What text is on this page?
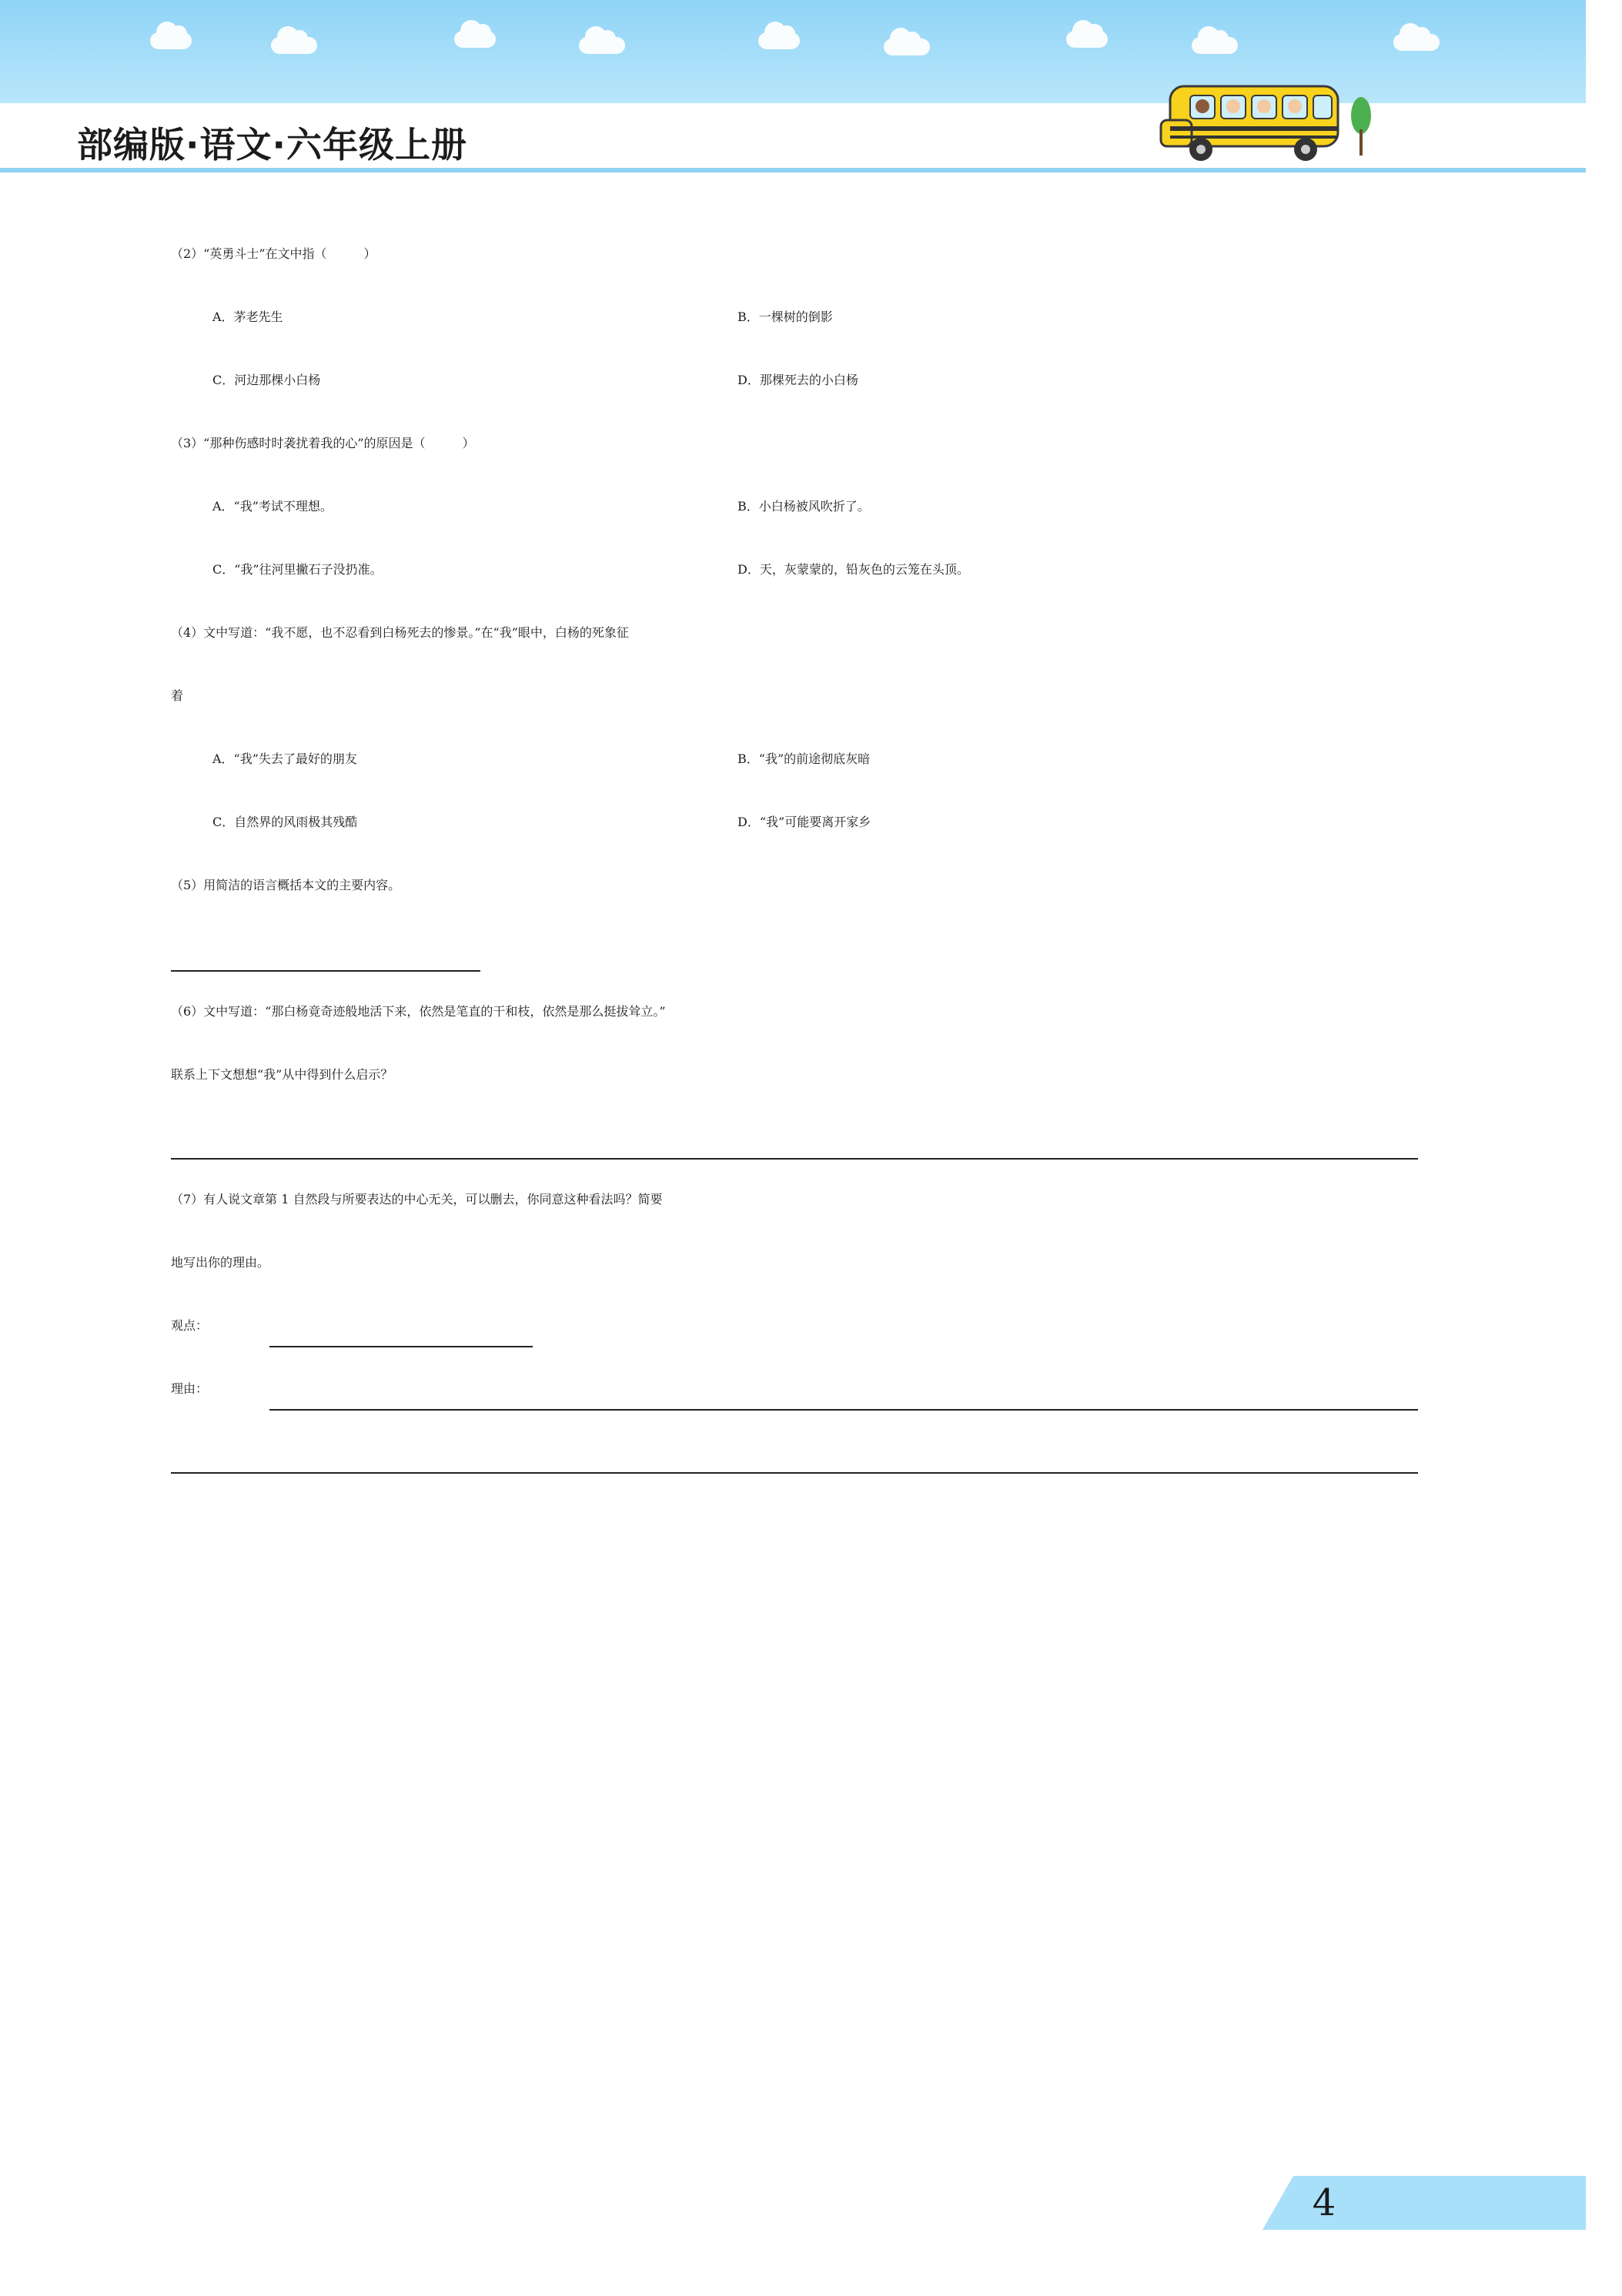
部编版·语文·六年级上册
（2）“英勇斗士”在文中指（　　　）
A．茅老先生	B．一棵树的倒影
C．河边那棵小白杨	D．那棵死去的小白杨
（3）“那种伤感时时袭扰着我的心”的原因是（　　　）
A．“我”考试不理想。	B．小白杨被风吹折了。
C．“我”往河里撇石子没扔准。	D．天，灰蒙蒙的，铅灰色的云笼在头顶。
（4）文中写道：“我不愿，也不忍看到白杨死去的惨景。”在“我”眼中，白杨的死象征
着
A．“我”失去了最好的朋友	B．“我”的前途彻底灰暗
C．自然界的风雨极其残酷	D．“我”可能要离开家乡
（5）用简洁的语言概括本文的主要内容。
（6）文中写道：“那白杨竟奇迹般地活下来，依然是笔直的干和枝，依然是那么挺拔耸立。”
联系上下文想想“我”从中得到什么启示？
（7）有人说文章第 1 自然段与所要表达的中心无关，可以删去，你同意这种看法吗？简要
地写出你的理由。
观点：
理由：
4
